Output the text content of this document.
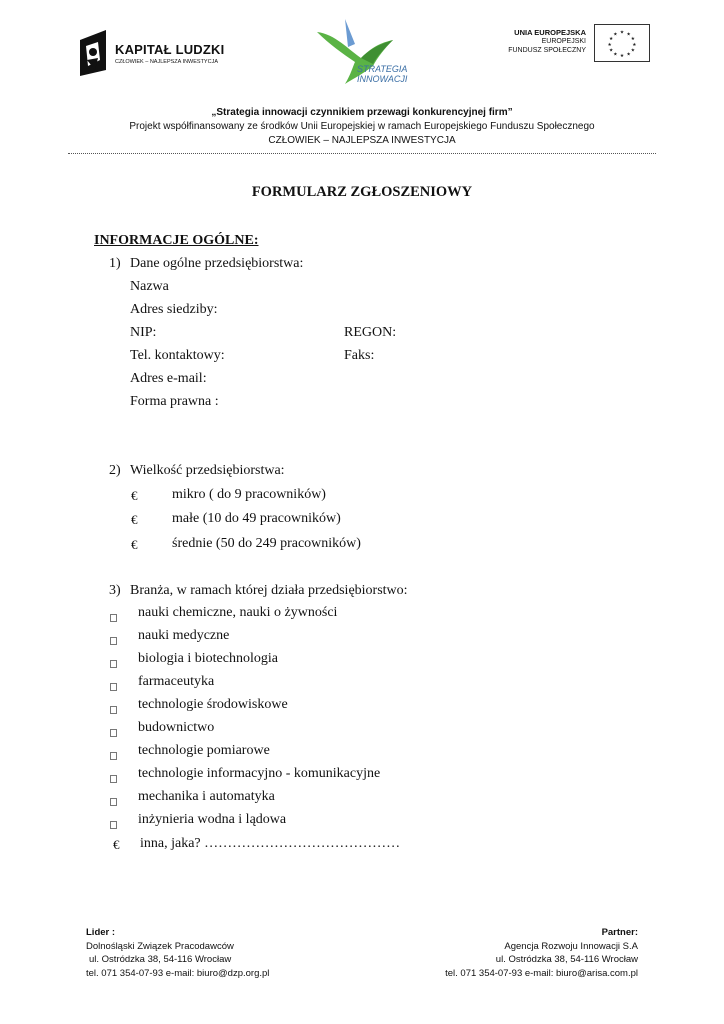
KAPITAŁ LUDZKI
CZŁOWIEK – NAJLEPSZA INWESTYCJA
STRATEGIA
INNOWACJI
UNIA EUROPEJSKA
EUROPEJSKI
FUNDUSZ SPOŁECZNY
★ ★
★
★
★
★
★
★
★
★
★
★
„Strategia innowacji czynnikiem przewagi konkurencyjnej firm”
Projekt współfinansowany ze środków Unii Europejskiej w ramach Europejskiego Funduszu Społecznego
CZŁOWIEK – NAJLEPSZA INWESTYCJA
FORMULARZ ZGŁOSZENIOWY
INFORMACJE OGÓLNE:
1) Dane ogólne przedsiębiorstwa:
Nazwa
Adres siedziby:
NIP:	REGON:
Tel. kontaktowy:	Faks:
Adres e-mail:
Forma prawna :
2) Wielkość przedsiębiorstwa:
€ mikro ( do 9 pracowników)
€ małe (10 do 49 pracowników)
€ średnie (50 do 249 pracowników)
3) Branża, w ramach której działa przedsiębiorstwo:
nauki chemiczne, nauki o żywności
nauki medyczne
biologia i biotechnologia
farmaceutyka
technologie środowiskowe
budownictwo
technologie pomiarowe
technologie informacyjno - komunikacyjne
mechanika i automatyka
inżynieria wodna i lądowa
€ inna, jaka? ……………………………………
Lider :
Dolnośląski Związek Pracodawców
ul. Ostródzka 38, 54-116 Wrocław
tel. 071 354-07-93 e-mail: biuro@dzp.org.pl
Partner:
Agencja Rozwoju Innowacji S.A
ul. Ostródzka 38, 54-116 Wrocław
tel. 071 354-07-93 e-mail: biuro@arisa.com.pl
